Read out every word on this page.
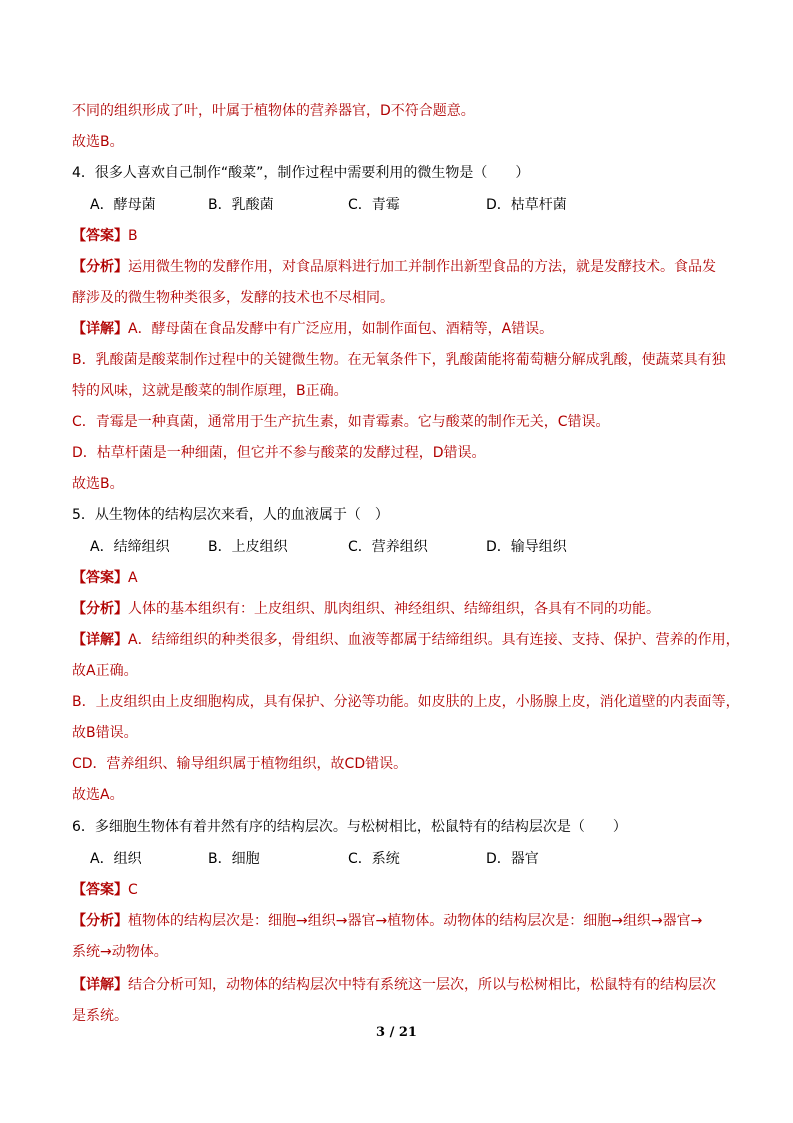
不同的组织形成了叶，叶属于植物体的营养器官，D不符合题意。
故选B。
4．很多人喜欢自己制作“酸菜”，制作过程中需要利用的微生物是（　　）
A．酵母菌	B．乳酸菌	C．青霉	D．枯草杆菌
【答案】B
【分析】运用微生物的发酵作用，对食品原料进行加工并制作出新型食品的方法，就是发酵技术。食品发
酵涉及的微生物种类很多，发酵的技术也不尽相同。
【详解】A．酵母菌在食品发酵中有广泛应用，如制作面包、酒精等，A错误。
B．乳酸菌是酸菜制作过程中的关键微生物。在无氧条件下，乳酸菌能将葡萄糖分解成乳酸，使蔬菜具有独
特的风味，这就是酸菜的制作原理，B正确。
C．青霉是一种真菌，通常用于生产抗生素，如青霉素。它与酸菜的制作无关，C错误。
D．枯草杆菌是一种细菌，但它并不参与酸菜的发酵过程，D错误。
故选B。
5．从生物体的结构层次来看，人的血液属于（　）
A．结缔组织	B．上皮组织	C．营养组织	D．输导组织
【答案】A
【分析】人体的基本组织有：上皮组织、肌肉组织、神经组织、结缔组织，各具有不同的功能。
【详解】A．结缔组织的种类很多，骨组织、血液等都属于结缔组织。具有连接、支持、保护、营养的作用，
故A正确。
B．上皮组织由上皮细胞构成，具有保护、分泌等功能。如皮肤的上皮，小肠腺上皮，消化道壁的内表面等，
故B错误。
CD．营养组织、输导组织属于植物组织，故CD错误。
故选A。
6．多细胞生物体有着井然有序的结构层次。与松树相比，松鼠特有的结构层次是（　　）
A．组织	B．细胞	C．系统	D．器官
【答案】C
【分析】植物体的结构层次是：细胞→组织→器官→植物体。动物体的结构层次是：细胞→组织→器官→
系统→动物体。
【详解】结合分析可知，动物体的结构层次中特有系统这一层次，所以与松树相比，松鼠特有的结构层次
是系统。
3 / 21
